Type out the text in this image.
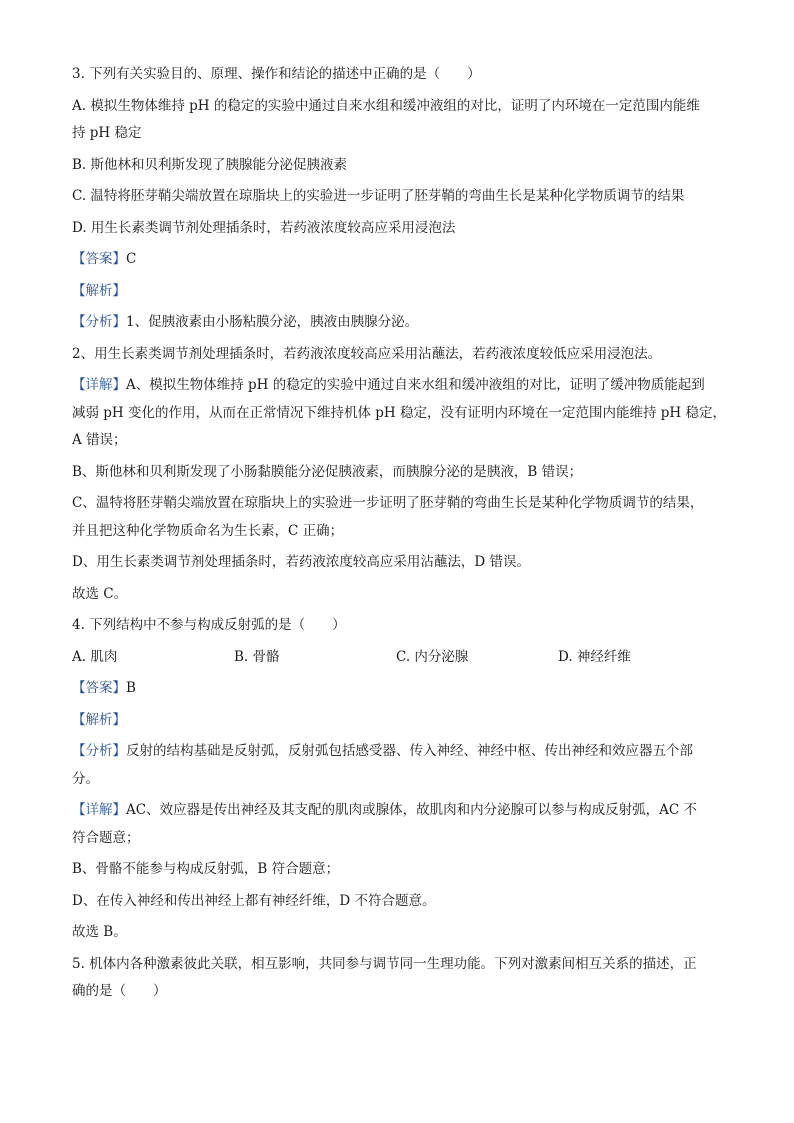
3. 下列有关实验目的、原理、操作和结论的描述中正确的是（　　）
A. 模拟生物体维持 pH 的稳定的实验中通过自来水组和缓冲液组的对比，证明了内环境在一定范围内能维
持 pH 稳定
B. 斯他林和贝利斯发现了胰腺能分泌促胰液素
C. 温特将胚芽鞘尖端放置在琼脂块上的实验进一步证明了胚芽鞘的弯曲生长是某种化学物质调节的结果
D. 用生长素类调节剂处理插条时，若药液浓度较高应采用浸泡法
【答案】C
【解析】
【分析】1、促胰液素由小肠粘膜分泌，胰液由胰腺分泌。
2、用生长素类调节剂处理插条时，若药液浓度较高应采用沾蘸法，若药液浓度较低应采用浸泡法。
【详解】A、模拟生物体维持 pH 的稳定的实验中通过自来水组和缓冲液组的对比，证明了缓冲物质能起到
减弱 pH 变化的作用，从而在正常情况下维持机体 pH 稳定，没有证明内环境在一定范围内能维持 pH 稳定，
A 错误；
B、斯他林和贝利斯发现了小肠黏膜能分泌促胰液素，而胰腺分泌的是胰液，B 错误；
C、温特将胚芽鞘尖端放置在琼脂块上的实验进一步证明了胚芽鞘的弯曲生长是某种化学物质调节的结果，
并且把这种化学物质命名为生长素，C 正确；
D、用生长素类调节剂处理插条时，若药液浓度较高应采用沾蘸法，D 错误。
故选 C。
4. 下列结构中不参与构成反射弧的是（　　）
A. 肌肉	B. 骨骼	C. 内分泌腺	D. 神经纤维
【答案】B
【解析】
【分析】反射的结构基础是反射弧，反射弧包括感受器、传入神经、神经中枢、传出神经和效应器五个部
分。
【详解】AC、效应器是传出神经及其支配的肌肉或腺体，故肌肉和内分泌腺可以参与构成反射弧，AC 不
符合题意；
B、骨骼不能参与构成反射弧，B 符合题意；
D、在传入神经和传出神经上都有神经纤维，D 不符合题意。
故选 B。
5. 机体内各种激素彼此关联，相互影响，共同参与调节同一生理功能。下列对激素间相互关系的描述，正
确的是（　　）
